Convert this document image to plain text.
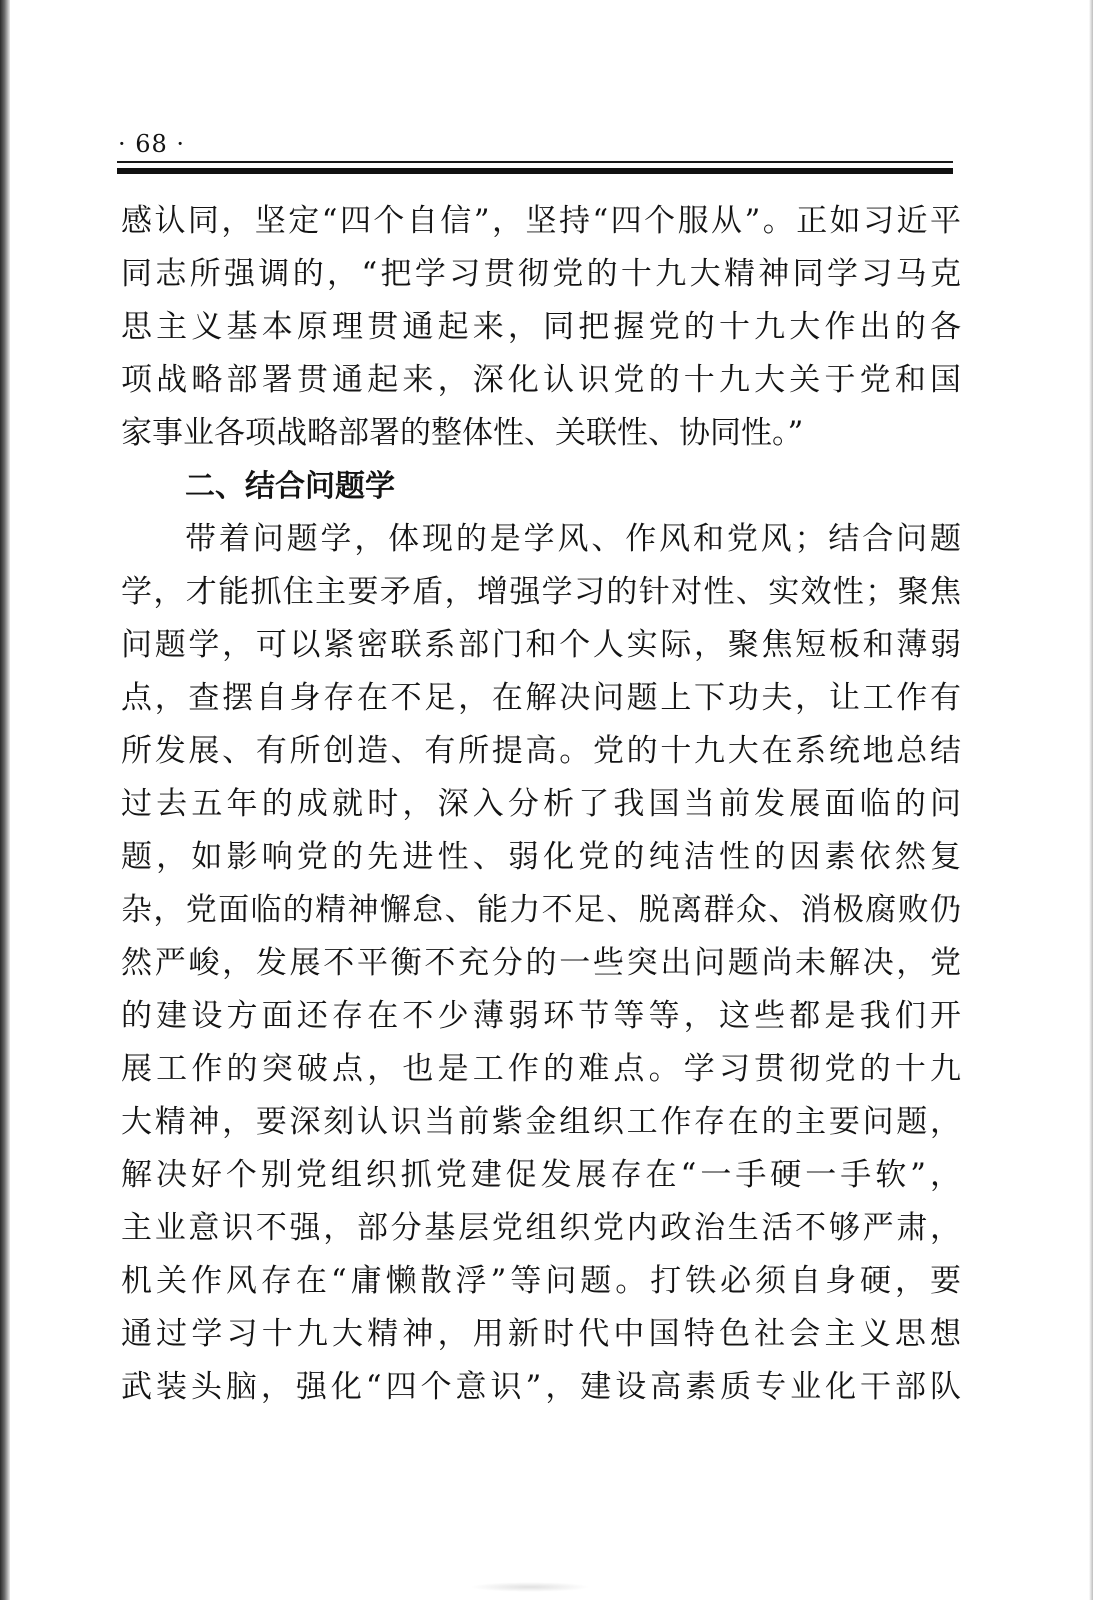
· 68 ·
感认同，坚定“四个自信”，坚持“四个服从”。正如习近平
同志所强调的，“把学习贯彻党的十九大精神同学习马克
思主义基本原理贯通起来，同把握党的十九大作出的各
项战略部署贯通起来，深化认识党的十九大关于党和国
家事业各项战略部署的整体性、关联性、协同性。”
二、结合问题学
带着问题学，体现的是学风、作风和党风；结合问题
学，才能抓住主要矛盾，增强学习的针对性、实效性；聚焦
问题学，可以紧密联系部门和个人实际，聚焦短板和薄弱
点，查摆自身存在不足，在解决问题上下功夫，让工作有
所发展、有所创造、有所提高。党的十九大在系统地总结
过去五年的成就时，深入分析了我国当前发展面临的问
题，如影响党的先进性、弱化党的纯洁性的因素依然复
杂，党面临的精神懈怠、能力不足、脱离群众、消极腐败仍
然严峻，发展不平衡不充分的一些突出问题尚未解决，党
的建设方面还存在不少薄弱环节等等，这些都是我们开
展工作的突破点，也是工作的难点。学习贯彻党的十九
大精神，要深刻认识当前紫金组织工作存在的主要问题，
解决好个别党组织抓党建促发展存在“一手硬一手软”，
主业意识不强，部分基层党组织党内政治生活不够严肃，
机关作风存在“庸懒散浮”等问题。打铁必须自身硬，要
通过学习十九大精神，用新时代中国特色社会主义思想
武装头脑，强化“四个意识”，建设高素质专业化干部队
